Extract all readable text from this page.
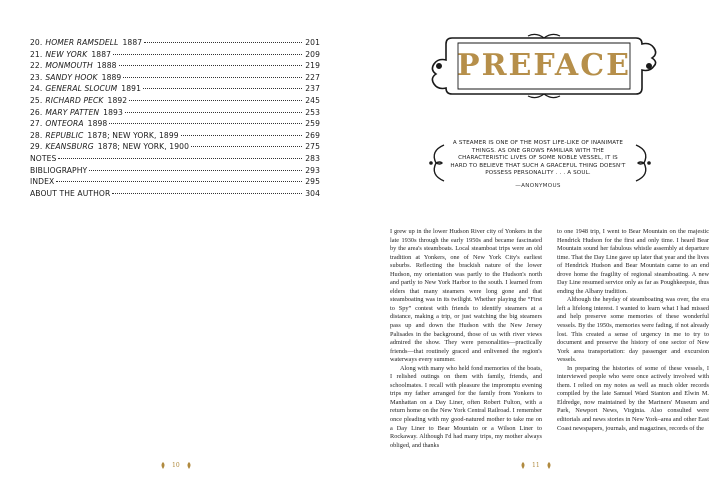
20. HOMER RAMSDELL 1887	201
21. NEW YORK 1887	209
22. MONMOUTH 1888	219
23. SANDY HOOK 1889	227
24. GENERAL SLOCUM 1891	237
25. RICHARD PECK 1892	245
26. MARY PATTEN 1893	253
27. ONTEORA 1898	259
28. REPUBLIC 1878; NEW YORK, 1899	269
29. KEANSBURG 1878; NEW YORK, 1900	275
NOTES	283
BIBLIOGRAPHY	293
INDEX	295
ABOUT THE AUTHOR	304
10
PREFACE
A STEAMER IS ONE OF THE MOST LIFE-LIKE OF INANIMATE THINGS. AS ONE GROWS FAMILIAR WITH THE CHARACTERISTIC LIVES OF SOME NOBLE VESSEL, IT IS HARD TO BELIEVE THAT SUCH A GRACEFUL THING DOESN'T POSSESS PERSONALITY . . . A SOUL.
—ANONYMOUS

I grew up in the lower Hudson River city of Yonkers in the late 1930s through the early 1950s and became fascinated by the area's steamboats. Local steamboat trips were an old tradition at Yonkers, one of New York City's earliest suburbs. Reflecting the brackish nature of the lower Hudson, my orientation was partly to the Hudson's north and partly to New York Harbor to the south. I learned from elders that many steamers were long gone and that steamboating was in its twilight. Whether playing the “First to Spy” contest with friends to identify steamers at a distance, making a trip, or just watching the big steamers pass up and down the Hudson with the New Jersey Palisades in the background, those of us with river views admired the show. They were personalities—practically friends—that routinely graced and enlivened the region's waterways every summer.

Along with many who held fond memories of the boats, I relished outings on them with family, friends, and schoolmates. I recall with pleasure the impromptu evening trips my father arranged for the family from Yonkers to Manhattan on a Day Liner, often Robert Fulton, with a return home on the New York Central Railroad. I remember once pleading with my good-natured mother to take me on a Day Liner to Bear Mountain or a Wilson Liner to Rockaway. Although I'd had many trips, my mother always obliged, and thanks

to one 1948 trip, I went to Bear Mountain on the majestic Hendrick Hudson for the first and only time. I heard Bear Mountain sound her fabulous whistle assembly at departure time. That the Day Line gave up later that year and the lives of Hendrick Hudson and Bear Mountain came to an end drove home the fragility of regional steamboating. A new Day Line resumed service only as far as Poughkeepsie, thus ending the Albany tradition.

Although the heyday of steamboating was over, the era left a lifelong interest. I wanted to learn what I had missed and help preserve some memories of these wonderful vessels. By the 1950s, memories were fading, if not already lost. This created a sense of urgency in me to try to document and preserve the history of one sector of New York area transportation: day passenger and excursion vessels.

In preparing the histories of some of these vessels, I interviewed people who were once actively involved with them. I relied on my notes as well as much older records compiled by the late Samuel Ward Stanton and Elwin M. Eldredge, now maintained by the Mariners' Museum and Park, Newport News, Virginia. Also consulted were editorials and news stories in New York–area and other East Coast newspapers, journals, and magazines, records of the

11
